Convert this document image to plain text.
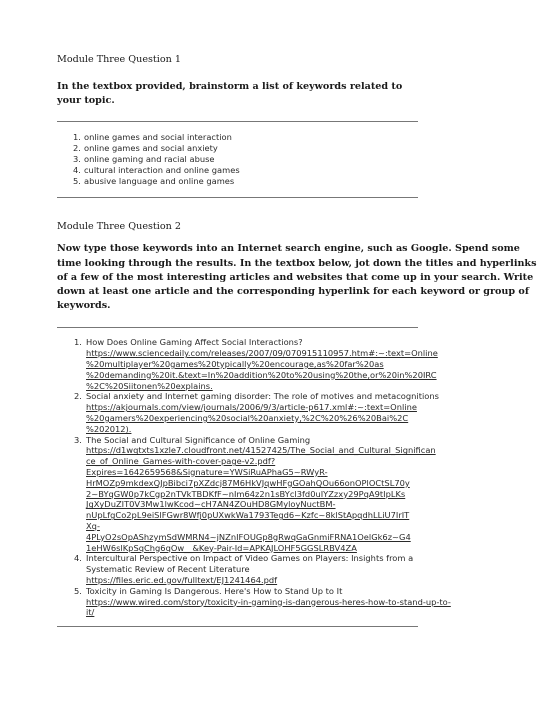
Module Three Question 1

In the textbox provided, brainstorm a list of keywords related to your topic.

1. online games and social interaction
2. online games and social anxiety
3. online gaming and racial abuse
4. cultural interaction and online games
5. abusive language and online games

Module Three Question 2

Now type those keywords into an Internet search engine, such as Google. Spend some
time looking through the results. In the textbox below, jot down the titles and hyperlinks
of a few of the most interesting articles and websites that come up in your search. Write
down at least one article and the corresponding hyperlink for each keyword or group of
keywords.
1. How Does Online Gaming Affect Social Interactions?
https://www.sciencedaily.com/releases/2007/09/070915110957.htm#:~:text=Online
%20multiplayer%20games%20typically%20encourage,as%20far%20as
%20demanding%20it.&text=In%20addition%20to%20using%20the,or%20in%20IRC
%2C%20Siitonen%20explains.
2. Social anxiety and Internet gaming disorder: The role of motives and metacognitions
https://akjournals.com/view/journals/2006/9/3/article-p617.xml#:~:text=Online
%20gamers%20experiencing%20social%20anxiety,%2C%20%26%20Bai%2C
%202012).
3. The Social and Cultural Significance of Online Gaming
https://d1wqtxts1xzle7.cloudfront.net/41527425/The_Social_and_Cultural_Significan
ce_of_Online_Games-with-cover-page-v2.pdf?
Expires=1642659568&Signature=YWSiRuAPhaG5~RWyR-
HrMOZp9mkdexQJpBibci7pXZdcj87M6HkVJqwHFgGOahQOu66onOPlOCtSL70y
2~BYqGW0p7kCgp2nTVkTBDKfF~nIm64z2n1sBYcl3fd0uIYZzxy29PqA9tIpLKs
JgXyDuZIT0V3Mw1lwKcod~cH7AN4ZOuHD8GMyloyNuctBM-
nUpLfgCo2pL9eiSlFGwr8Wfj0pUXwkWa1793Tegd6~Kzfc~8klStApqdhLLiU7IrIT
Xq-
4PLyO2sOpAShzymSdWMRN4~jNZnIFOUGp8gRwqGaGnmiFRNA1OelGk6z~G4
1eHW6slKpSqChg6qOw__&Key-Pair-Id=APKAJLOHF5GGSLRBV4ZA
4. Intercultural Perspective on Impact of Video Games on Players: Insights from a
Systematic Review of Recent Literature
https://files.eric.ed.gov/fulltext/EJ1241464.pdf
5. Toxicity in Gaming Is Dangerous. Here's How to Stand Up to It
https://www.wired.com/story/toxicity-in-gaming-is-dangerous-heres-how-to-stand-up-to-
it/
